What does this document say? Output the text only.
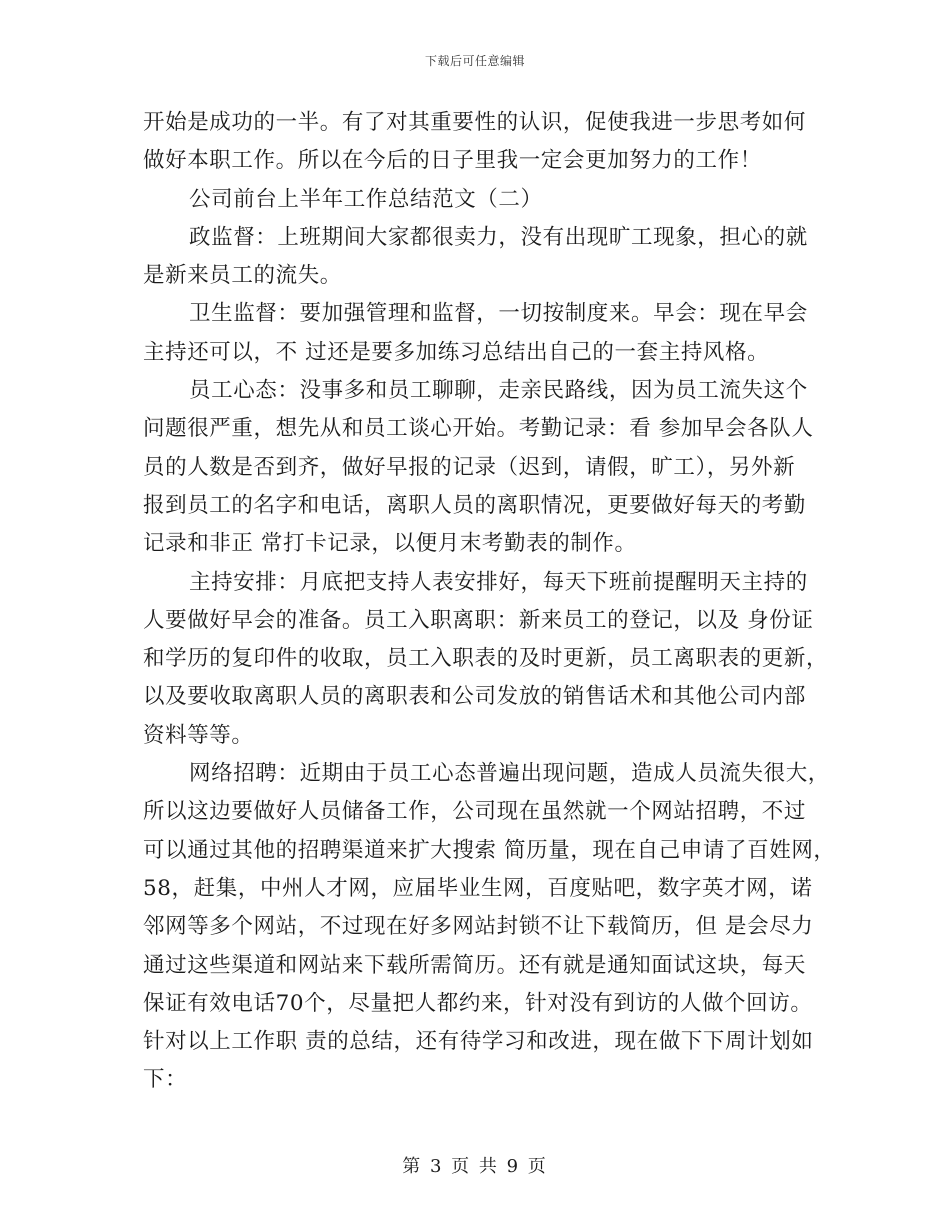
下载后可任意编辑
开始是成功的一半。有了对其重要性的认识，促使我进一步思考如何
做好本职工作。所以在今后的日子里我一定会更加努力的工作！
公司前台上半年工作总结范文（二）
政监督：上班期间大家都很卖力，没有出现旷工现象，担心的就
是新来员工的流失。
卫生监督：要加强管理和监督，一切按制度来。早会：现在早会
主持还可以，不 过还是要多加练习总结出自己的一套主持风格。
员工心态：没事多和员工聊聊，走亲民路线，因为员工流失这个
问题很严重，想先从和员工谈心开始。考勤记录：看 参加早会各队人
员的人数是否到齐，做好早报的记录（迟到，请假，旷工），另外新
报到员工的名字和电话，离职人员的离职情况，更要做好每天的考勤
记录和非正 常打卡记录，以便月末考勤表的制作。
主持安排：月底把支持人表安排好，每天下班前提醒明天主持的
人要做好早会的准备。员工入职离职：新来员工的登记，以及 身份证
和学历的复印件的收取，员工入职表的及时更新，员工离职表的更新，
以及要收取离职人员的离职表和公司发放的销售话术和其他公司内部
资料等等。
网络招聘：近期由于员工心态普遍出现问题，造成人员流失很大，
所以这边要做好人员储备工作，公司现在虽然就一个网站招聘，不过
可以通过其他的招聘渠道来扩大搜索 简历量，现在自己申请了百姓网，
58，赶集，中州人才网，应届毕业生网，百度贴吧，数字英才网，诺
邻网等多个网站，不过现在好多网站封锁不让下载简历，但 是会尽力
通过这些渠道和网站来下载所需简历。还有就是通知面试这块，每天
保证有效电话70个，尽量把人都约来，针对没有到访的人做个回访。
针对以上工作职 责的总结，还有待学习和改进，现在做下下周计划如
下：
第 3 页 共 9 页
